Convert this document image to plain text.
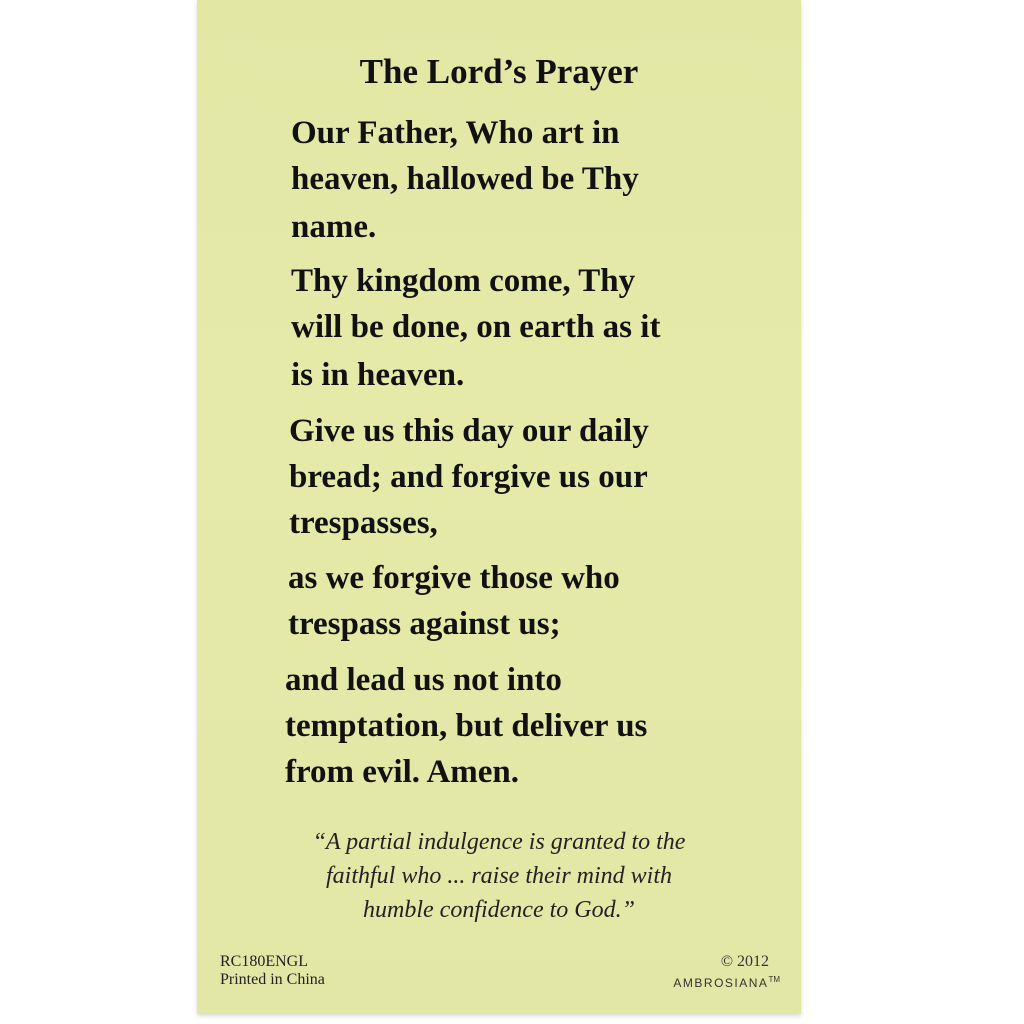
The Lord’s Prayer

Our Father, Who art in
heaven, hallowed be Thy
name.

Thy kingdom come, Thy
will be done, on earth as it
is in heaven.

Give us this day our daily
bread; and forgive us our
trespasses,

as we forgive those who
trespass against us;

and lead us not into
temptation, but deliver us
from evil. Amen.

“A partial indulgence is granted to the
faithful who ... raise their mind with
humble confidence to God.”
RC180ENGL
Printed in China
© 2012
AMBROSIANA™
